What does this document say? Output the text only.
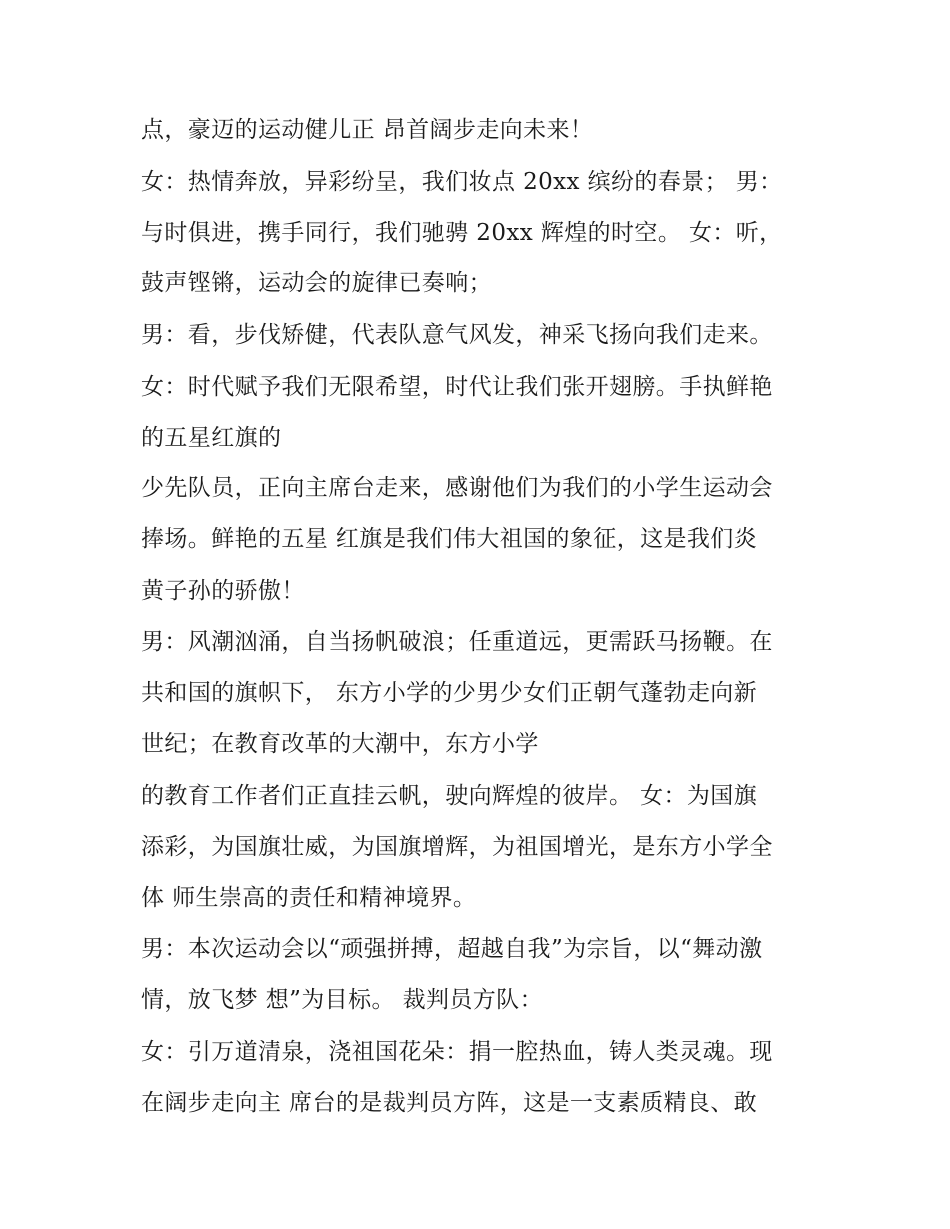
点，豪迈的运动健儿正 昂首阔步走向未来！
女：热情奔放，异彩纷呈，我们妆点 20xx 缤纷的春景； 男：
与时俱进，携手同行，我们驰骋 20xx 辉煌的时空。 女：听，
鼓声铿锵，运动会的旋律已奏响；
男：看，步伐矫健，代表队意气风发，神采飞扬向我们走来。
女：时代赋予我们无限希望，时代让我们张开翅膀。手执鲜艳
的五星红旗的
少先队员，正向主席台走来，感谢他们为我们的小学生运动会
捧场。鲜艳的五星 红旗是我们伟大祖国的象征，这是我们炎
黄子孙的骄傲！
男：风潮汹涌，自当扬帆破浪；任重道远，更需跃马扬鞭。在
共和国的旗帜下， 东方小学的少男少女们正朝气蓬勃走向新
世纪；在教育改革的大潮中，东方小学
的教育工作者们正直挂云帆，驶向辉煌的彼岸。 女：为国旗
添彩，为国旗壮威，为国旗增辉，为祖国增光，是东方小学全
体 师生崇高的责任和精神境界。
男：本次运动会以“顽强拼搏，超越自我”为宗旨，以“舞动激
情，放飞梦 想”为目标。 裁判员方队：
女：引万道清泉，浇祖国花朵：捐一腔热血，铸人类灵魂。现
在阔步走向主 席台的是裁判员方阵，这是一支素质精良、敢
